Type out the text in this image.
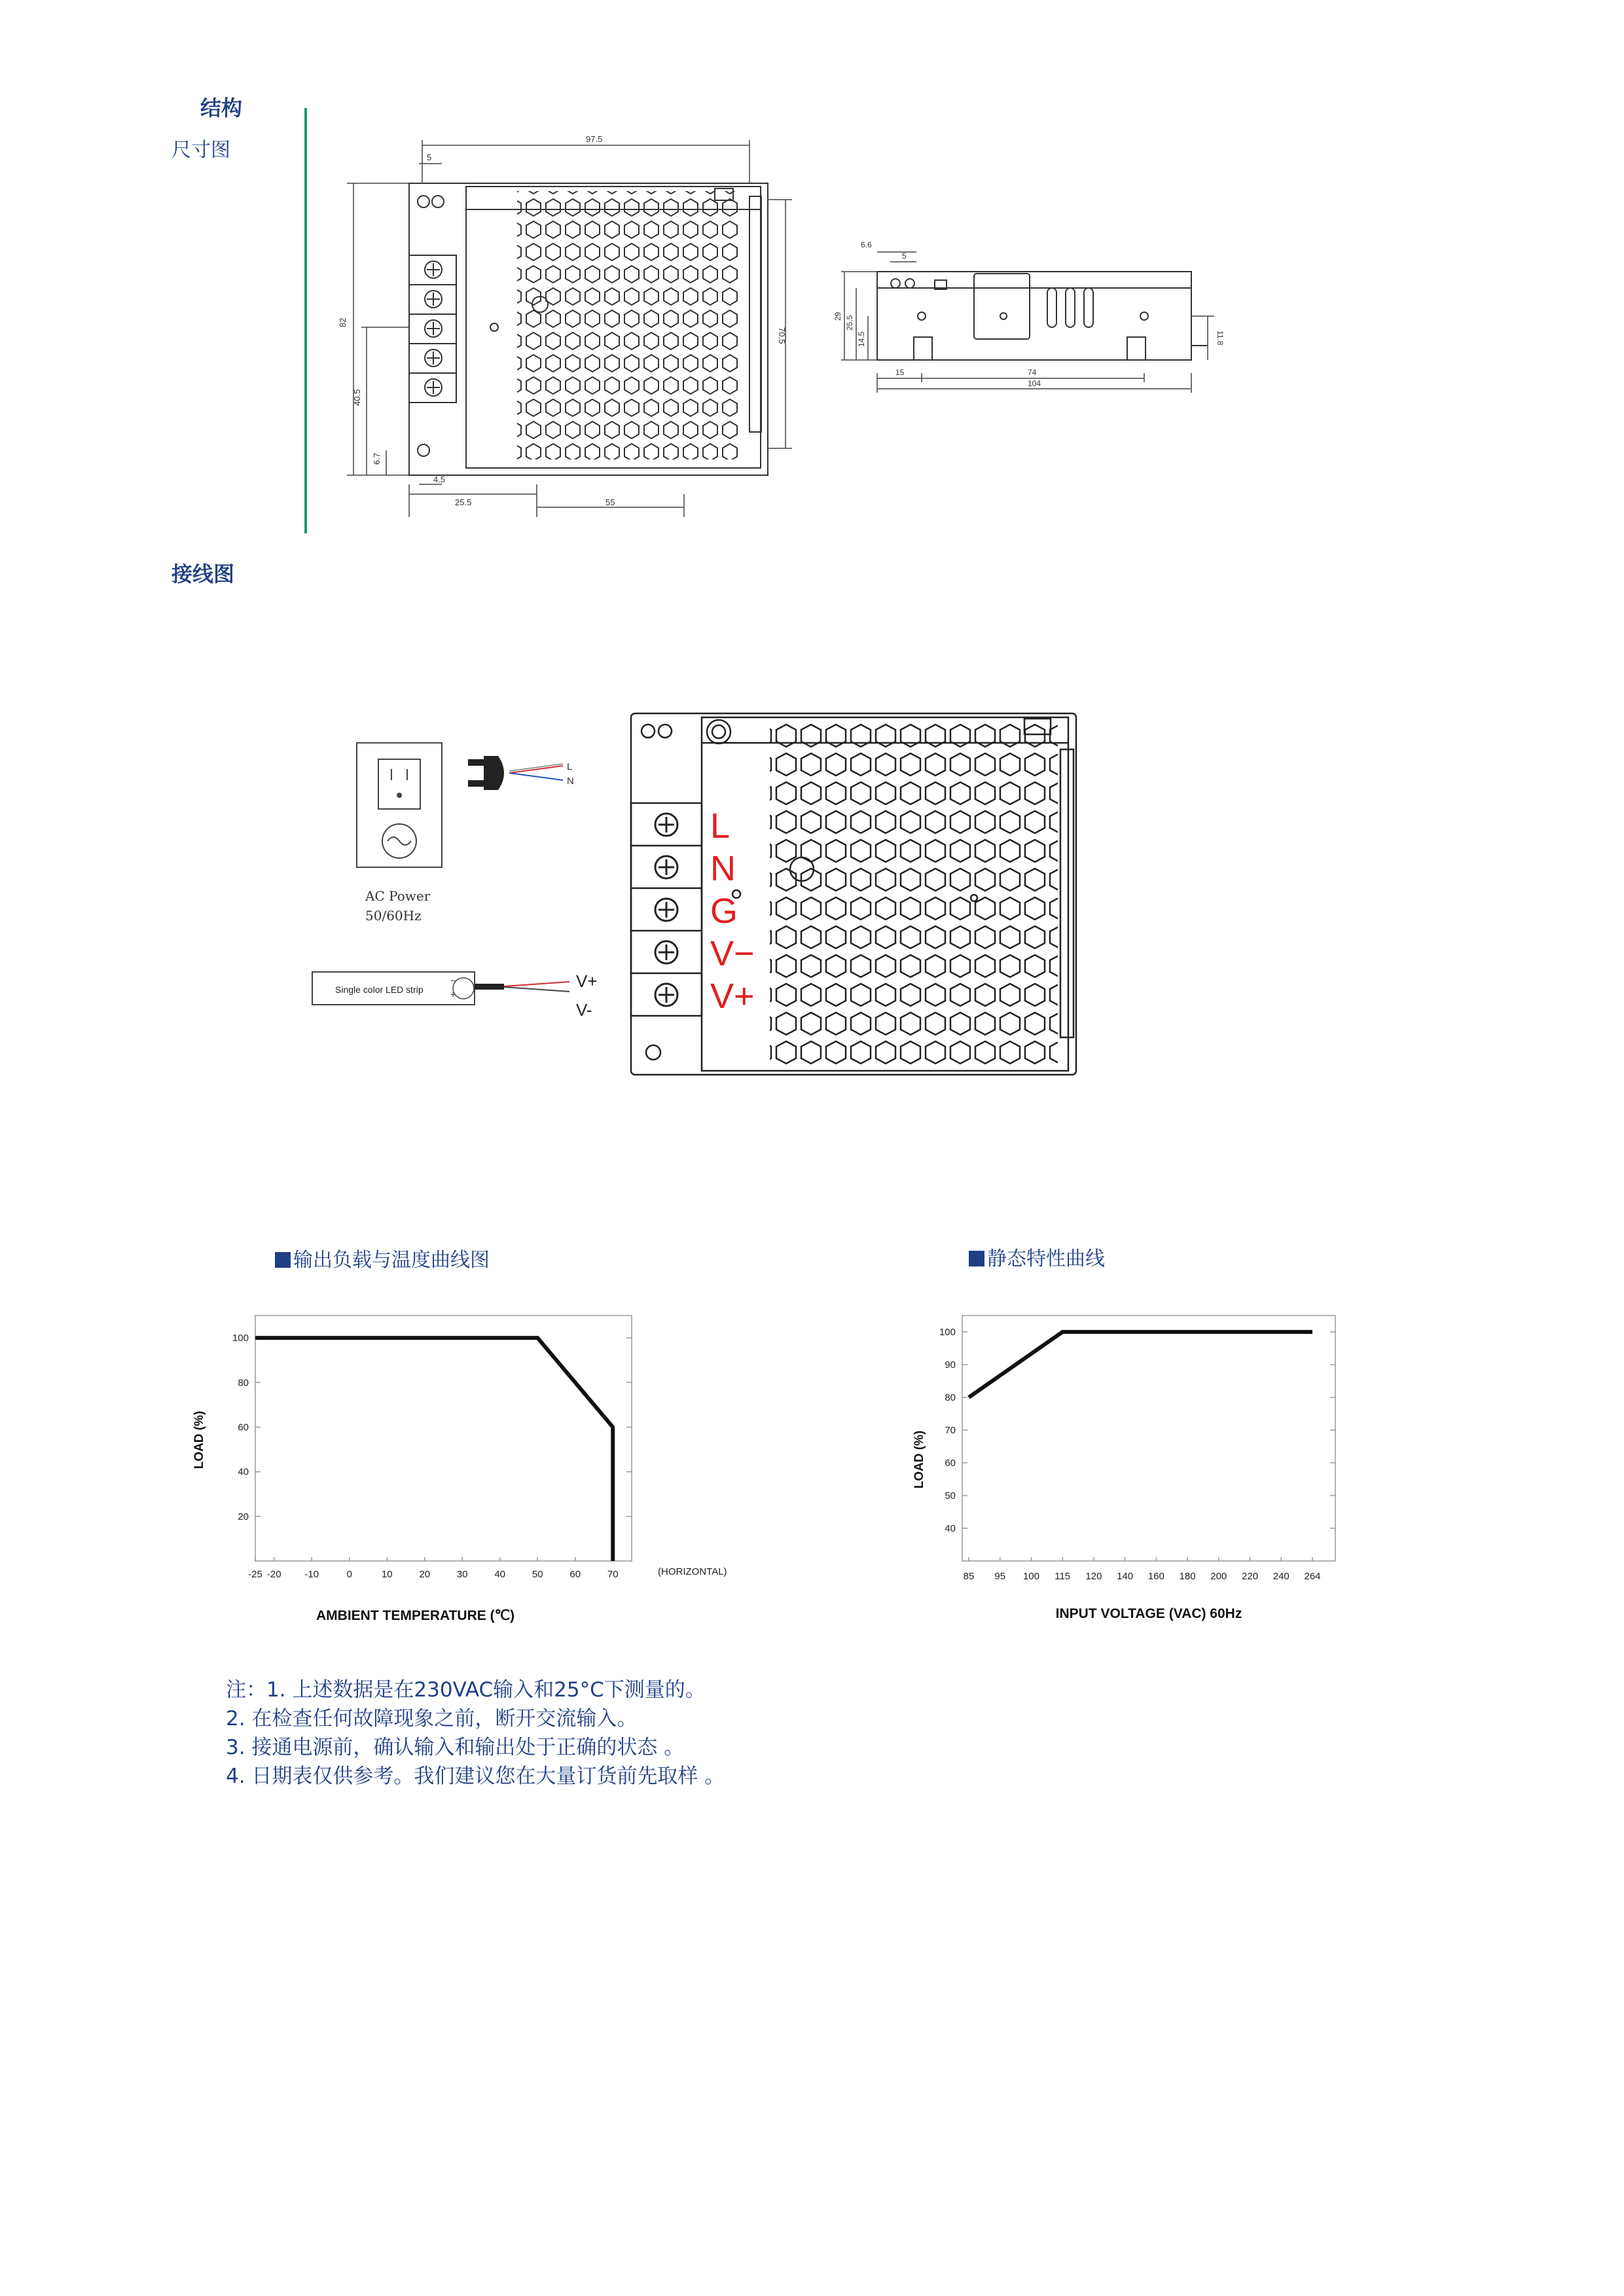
结构
尺寸图
接线图
97.5
5
82
70.5
40.5
6.7
4.5
25.5	55
6.6
5
29 25.5
14.5	11.8
15	74
104
AC Power
50/60Hz
L
N
−
+
Single color LED strip	V+
V-
L
N
G
V−
V+
输出负载与温度曲线图	静态特性曲线
20
40
60
80
100
-25 -20 -10	0	10	20	30	40	50	60	70	(HORIZONTAL)
AMBIENT TEMPERATURE (℃)
LOAD (%)
40
50
60
70
80
90
100
85 95 100 115 120 140 160 180 200 220 240 264
INPUT VOLTAGE (VAC) 60Hz
LOAD (%)
注：1. 上述数据是在230VAC输入和25°C下测量的。
2. 在检查任何故障现象之前，断开交流输入。
3. 接通电源前，确认输入和输出处于正确的状态 。
4. 日期表仅供参考。我们建议您在大量订货前先取样 。
